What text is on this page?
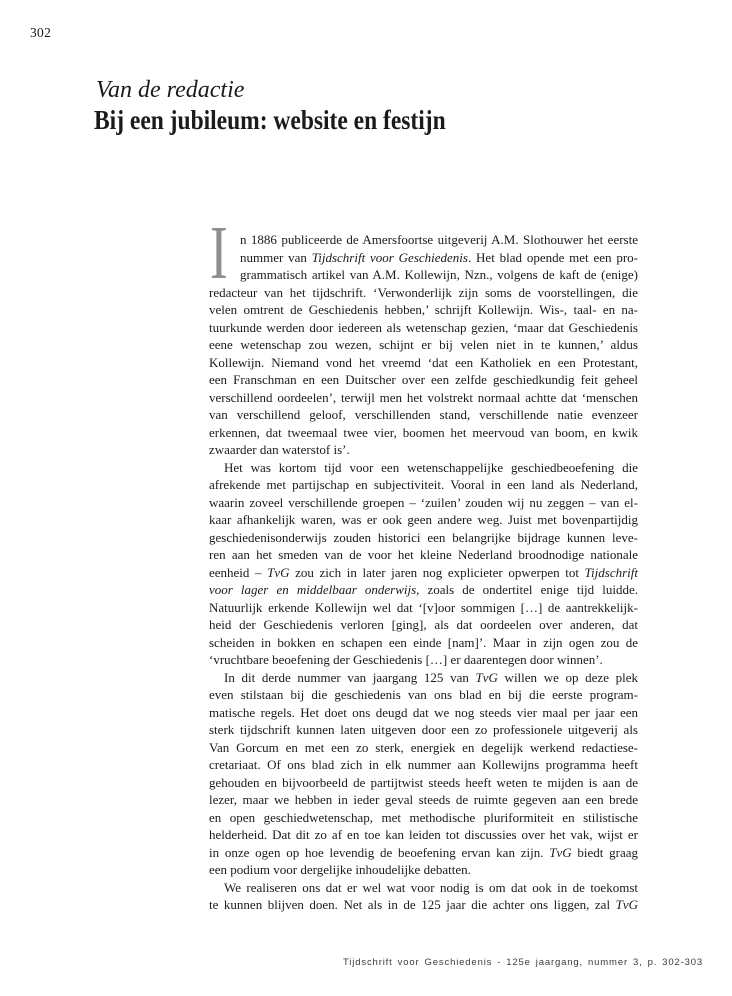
302
Van de redactie
Bij een jubileum: website en festijn
I n 1886 publiceerde de Amersfoortse uitgeverij A.M. Slothouwer het eerste
nummer van Tijdschrift voor Geschiedenis. Het blad opende met een pro-
grammatisch artikel van A.M. Kollewijn, Nzn., volgens de kaft de (enige)
redacteur van het tijdschrift. ‘Verwonderlijk zijn soms de voorstellingen, die
velen omtrent de Geschiedenis hebben,’ schrijft Kollewijn. Wis-, taal- en na-
tuurkunde werden door iedereen als wetenschap gezien, ‘maar dat Geschiedenis
eene wetenschap zou wezen, schijnt er bij velen niet in te kunnen,’ aldus
Kollewijn. Niemand vond het vreemd ‘dat een Katholiek en een Protestant,
een Franschman en een Duitscher over een zelfde geschiedkundig feit geheel
verschillend oordeelen’, terwijl men het volstrekt normaal achtte dat ‘menschen
van verschillend geloof, verschillenden stand, verschillende natie evenzeer
erkennen, dat tweemaal twee vier, boomen het meervoud van boom, en kwik
zwaarder dan waterstof is’.
Het was kortom tijd voor een wetenschappelijke geschiedbeoefening die
afrekende met partijschap en subjectiviteit. Vooral in een land als Nederland,
waarin zoveel verschillende groepen – ‘zuilen’ zouden wij nu zeggen – van el-
kaar afhankelijk waren, was er ook geen andere weg. Juist met bovenpartijdig
geschiedenisonderwijs zouden historici een belangrijke bijdrage kunnen leve-
ren aan het smeden van de voor het kleine Nederland broodnodige nationale
eenheid – TvG zou zich in later jaren nog explicieter opwerpen tot Tijdschrift
voor lager en middelbaar onderwijs, zoals de ondertitel enige tijd luidde.
Natuurlijk erkende Kollewijn wel dat ‘[v]oor sommigen […] de aantrekkelijk-
heid der Geschiedenis verloren [ging], als dat oordeelen over anderen, dat
scheiden in bokken en schapen een einde [nam]’. Maar in zijn ogen zou de
‘vruchtbare beoefening der Geschiedenis […] er daarentegen door winnen’.
In dit derde nummer van jaargang 125 van TvG willen we op deze plek
even stilstaan bij die geschiedenis van ons blad en bij die eerste program-
matische regels. Het doet ons deugd dat we nog steeds vier maal per jaar een
sterk tijdschrift kunnen laten uitgeven door een zo professionele uitgeverij als
Van Gorcum en met een zo sterk, energiek en degelijk werkend redactiese-
cretariaat. Of ons blad zich in elk nummer aan Kollewijns programma heeft
gehouden en bijvoorbeeld de partijtwist steeds heeft weten te mijden is aan de
lezer, maar we hebben in ieder geval steeds de ruimte gegeven aan een brede
en open geschiedwetenschap, met methodische pluriformiteit en stilistische
helderheid. Dat dit zo af en toe kan leiden tot discussies over het vak, wijst er
in onze ogen op hoe levendig de beoefening ervan kan zijn. TvG biedt graag
een podium voor dergelijke inhoudelijke debatten.
We realiseren ons dat er wel wat voor nodig is om dat ook in de toekomst
te kunnen blijven doen. Net als in de 125 jaar die achter ons liggen, zal TvG
Tijdschrift voor Geschiedenis - 125e jaargang, nummer 3, p. 302-303
